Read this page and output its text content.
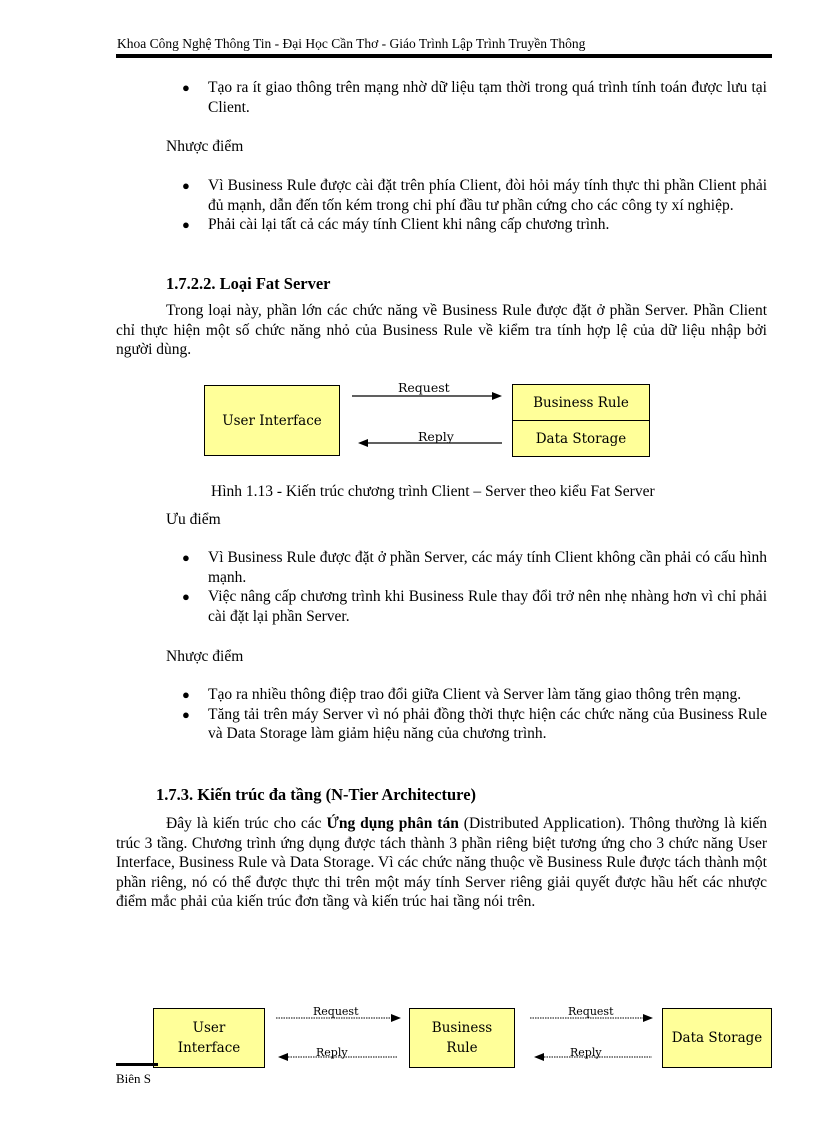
Khoa Công Nghệ Thông Tin - Đại Học Cần Thơ - Giáo Trình Lập Trình Truyền Thông
● Tạo ra ít giao thông trên mạng nhờ dữ liệu tạm thời trong quá trình tính toán được lưu tại Client.
Nhược điểm
● Vì Business Rule được cài đặt trên phía Client, đòi hỏi máy tính thực thi phần Client phải đủ mạnh, dẫn đến tốn kém trong chi phí đầu tư phần cứng cho các công ty xí nghiệp.
● Phải cài lại tất cả các máy tính Client khi nâng cấp chương trình.
1.7.2.2. Loại Fat Server
Trong loại này, phần lớn các chức năng về Business Rule được đặt ở phần Server. Phần Client chỉ thực hiện một số chức năng nhỏ của Business Rule về kiểm tra tính hợp lệ của dữ liệu nhập bởi người dùng.
User Interface
Business Rule
Data Storage
Request
Reply
Hình 1.13 - Kiến trúc chương trình Client – Server theo kiểu Fat Server
Ưu điểm
● Vì Business Rule được đặt ở phần Server, các máy tính Client không cần phải có cấu hình mạnh.
● Việc nâng cấp chương trình khi Business Rule thay đổi trở nên nhẹ nhàng hơn vì chỉ phải cài đặt lại phần Server.
Nhược điểm
● Tạo ra nhiều thông điệp trao đổi giữa Client và Server làm tăng giao thông trên mạng.
● Tăng tải trên máy Server vì nó phải đồng thời thực hiện các chức năng của Business Rule và Data Storage làm giảm hiệu năng của chương trình.
1.7.3. Kiến trúc đa tầng (N-Tier Architecture)
Đây là kiến trúc cho các Ứng dụng phân tán (Distributed Application). Thông thường là kiến trúc 3 tầng. Chương trình ứng dụng được tách thành 3 phần riêng biệt tương ứng cho 3 chức năng User Interface, Business Rule và Data Storage. Vì các chức năng thuộc về Business Rule được tách thành một phần riêng, nó có thể được thực thi trên một máy tính Server riêng giải quyết được hầu hết các nhược điểm mắc phải của kiến trúc đơn tầng và kiến trúc hai tầng nói trên.
User
Interface
Business
Rule
Data Storage
Request
Reply
Request
Reply
Biên S
